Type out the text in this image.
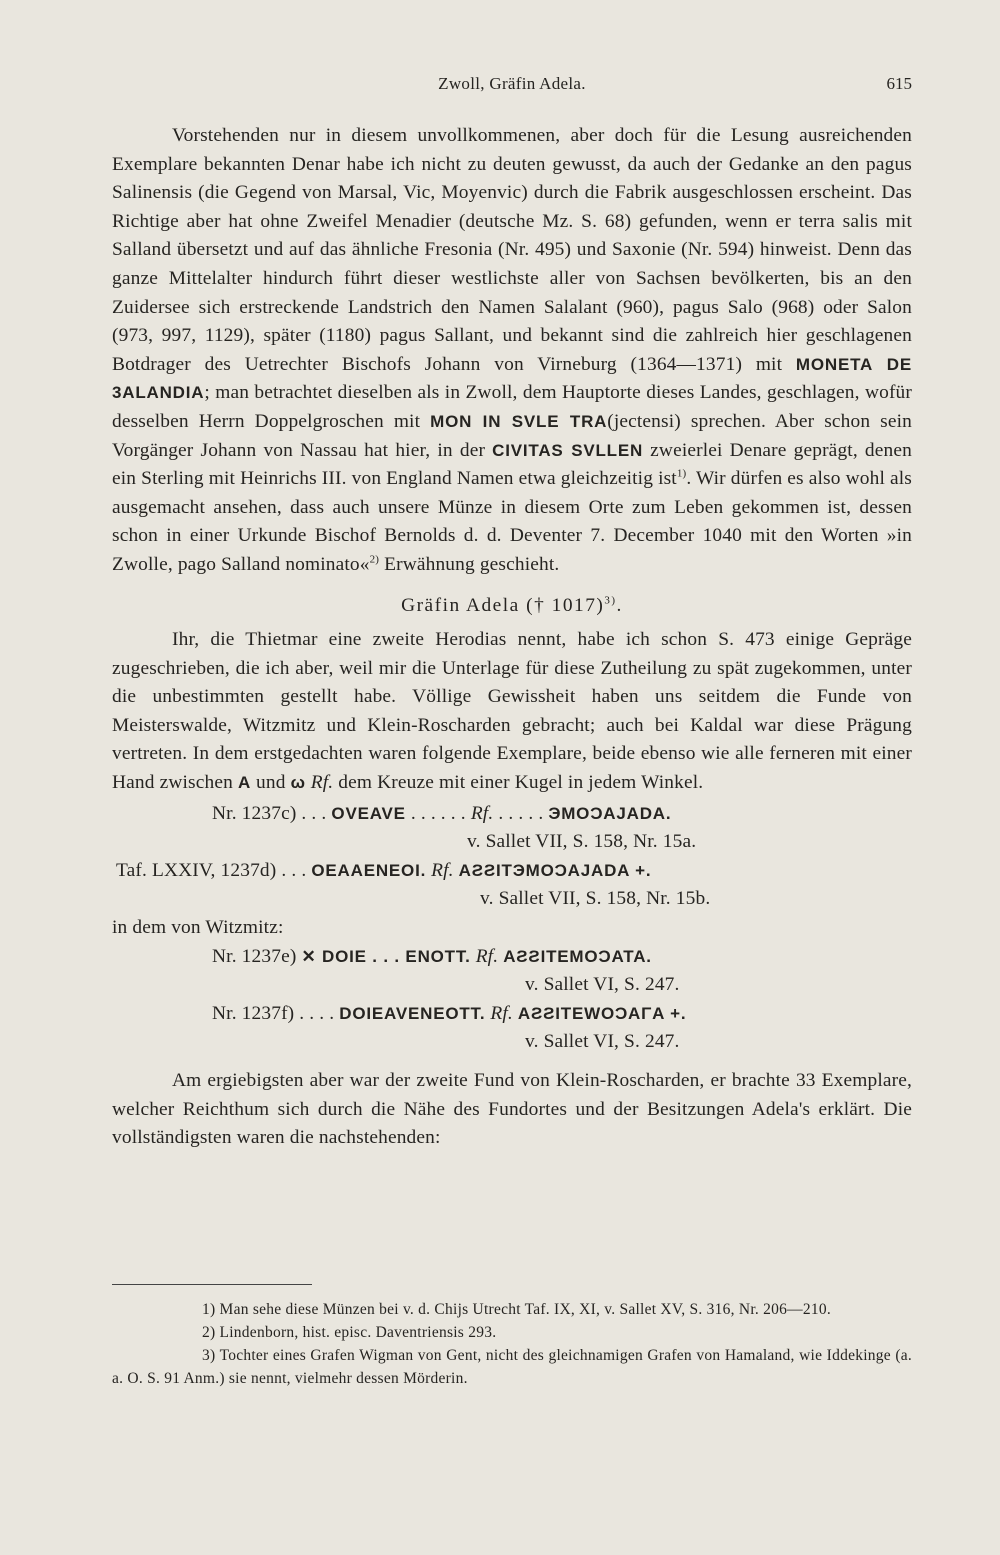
Zwoll, Gräfin Adela.	615

Vorstehenden nur in diesem unvollkommenen, aber doch für die Lesung ausreichenden Exemplare bekannten Denar habe ich nicht zu deuten gewusst, da auch der Gedanke an den pagus Salinensis (die Gegend von Marsal, Vic, Moyenvic) durch die Fabrik ausgeschlossen erscheint. Das Richtige aber hat ohne Zweifel Menadier (deutsche Mz. S. 68) gefunden, wenn er terra salis mit Salland übersetzt und auf das ähnliche Fresonia (Nr. 495) und Saxonie (Nr. 594) hinweist. Denn das ganze Mittelalter hindurch führt dieser westlichste aller von Sachsen bevölkerten, bis an den Zuidersee sich erstreckende Landstrich den Namen Salalant (960), pagus Salo (968) oder Salon (973, 997, 1129), später (1180) pagus Sallant, und bekannt sind die zahlreich hier geschlagenen Botdrager des Uetrechter Bischofs Johann von Virneburg (1364—1371) mit MONETA DE 3ALANDIA; man betrachtet dieselben als in Zwoll, dem Hauptorte dieses Landes, geschlagen, wofür desselben Herrn Doppelgroschen mit MON IN SVLE TRA(jectensi) sprechen. Aber schon sein Vorgänger Johann von Nassau hat hier, in der CIVITAS SVLLEN zweierlei Denare geprägt, denen ein Sterling mit Heinrichs III. von England Namen etwa gleichzeitig ist$^{1)}$. Wir dürfen es also wohl als ausgemacht ansehen, dass auch unsere Münze in diesem Orte zum Leben gekommen ist, dessen schon in einer Urkunde Bischof Bernolds d. d. Deventer 7. December 1040 mit den Worten »in Zwolle, pago Salland nominato«$^{2)}$ Erwähnung geschieht.

Gräfin Adela († 1017)$^{3)}$.

Ihr, die Thietmar eine zweite Herodias nennt, habe ich schon S. 473 einige Gepräge zugeschrieben, die ich aber, weil mir die Unterlage für diese Zutheilung zu spät zugekommen, unter die unbestimmten gestellt habe. Völlige Gewissheit haben uns seitdem die Funde von Meisterswalde, Witzmitz und Klein-Roscharden gebracht; auch bei Kaldal war diese Prägung vertreten. In dem erstgedachten waren folgende Exemplare, beide ebenso wie alle ferneren mit einer Hand zwischen A und ω Rf. dem Kreuze mit einer Kugel in jedem Winkel.

Nr. 1237c) . . . OVEAVE . . . . . . Rf. . . . . . ЭMOƆAJADA.
v. Sallet VII, S. 158, Nr. 15a.
Taf. LXXIV, 1237d) . . . OEAAENEOI. Rf. AƧƧITЭMOƆAJADA +.
v. Sallet VII, S. 158, Nr. 15b.

in dem von Witzmitz:

Nr. 1237e) ✕ DOIE . . . ENOTT. Rf. AƧƧITEMOƆATA.
v. Sallet VI, S. 247.
Nr. 1237f) . . . . DOIEAVENEOTT. Rf. AƧƧITEWOƆAΓA +.
v. Sallet VI, S. 247.

Am ergiebigsten aber war der zweite Fund von Klein-Roscharden, er brachte 33 Exemplare, welcher Reichthum sich durch die Nähe des Fundortes und der Besitzungen Adela's erklärt. Die vollständigsten waren die nachstehenden:

1) Man sehe diese Münzen bei v. d. Chijs Utrecht Taf. IX, XI, v. Sallet XV, S. 316, Nr. 206—210.

2) Lindenborn, hist. episc. Daventriensis 293.

3) Tochter eines Grafen Wigman von Gent, nicht des gleichnamigen Grafen von Hamaland, wie Iddekinge (a. a. O. S. 91 Anm.) sie nennt, vielmehr dessen Mörderin.
